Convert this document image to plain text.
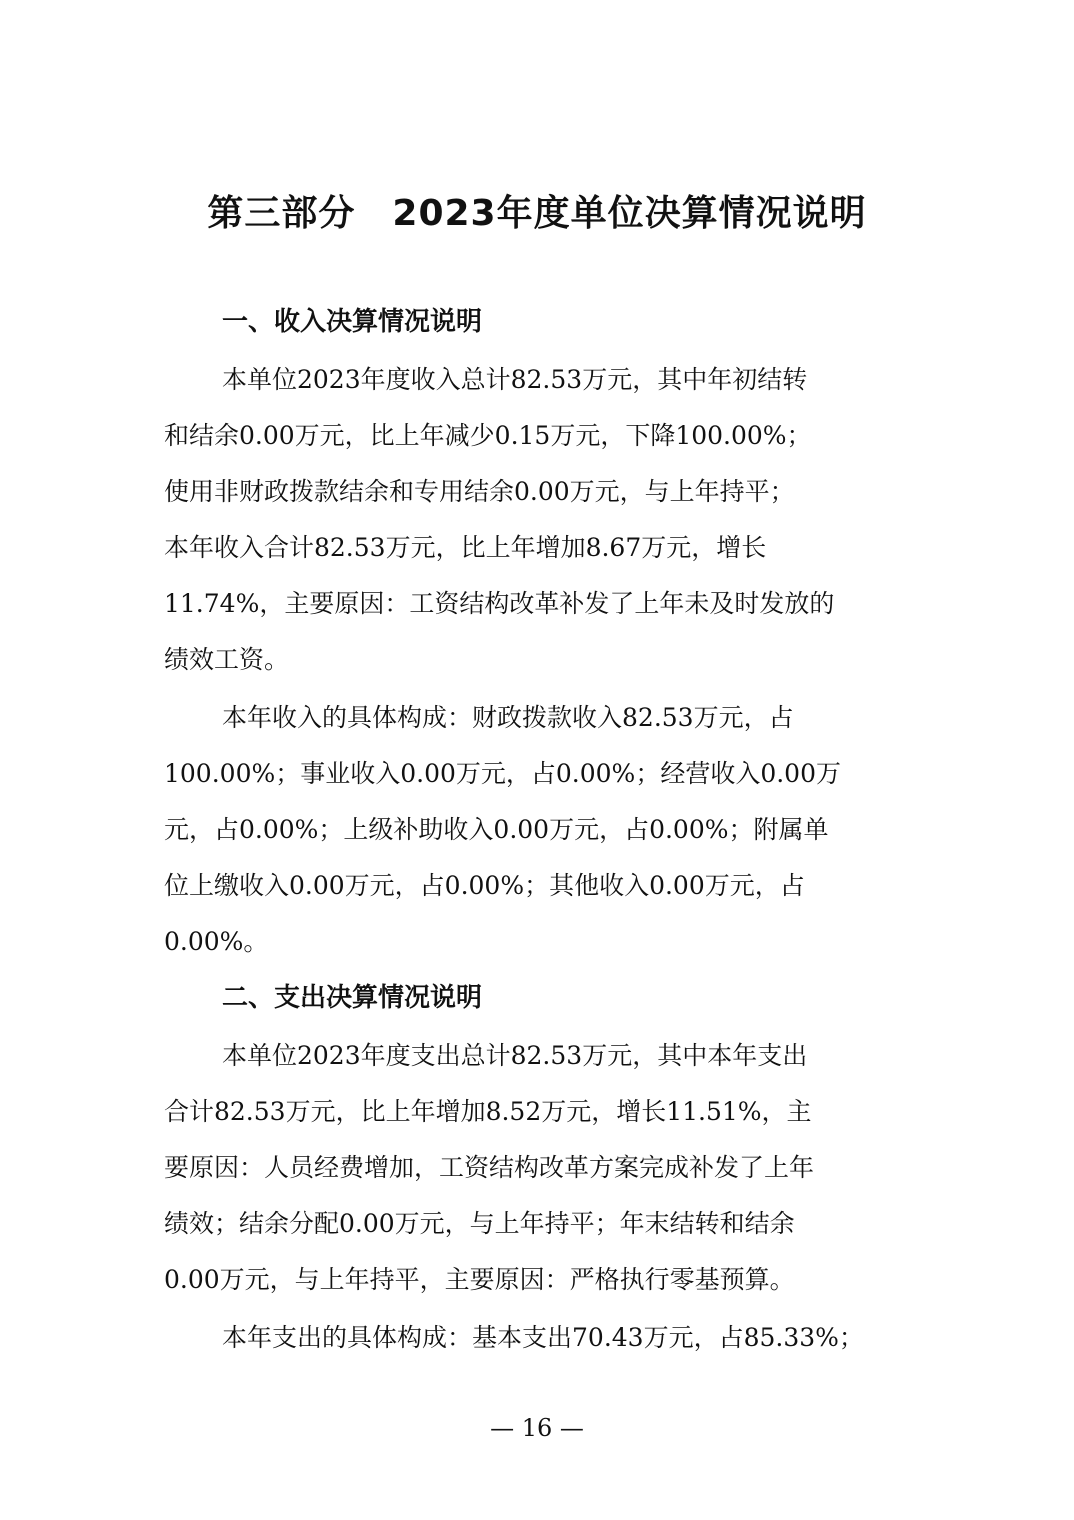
第三部分　2023年度单位决算情况说明
一、收入决算情况说明
本单位2023年度收入总计82.53万元，其中年初结转
和结余0.00万元，比上年减少0.15万元，下降100.00%；
使用非财政拨款结余和专用结余0.00万元，与上年持平；
本年收入合计82.53万元，比上年增加8.67万元，增长
11.74%，主要原因：工资结构改革补发了上年未及时发放的
绩效工资。
本年收入的具体构成：财政拨款收入82.53万元，占
100.00%；事业收入0.00万元，占0.00%；经营收入0.00万
元，占0.00%；上级补助收入0.00万元，占0.00%；附属单
位上缴收入0.00万元，占0.00%；其他收入0.00万元，占
0.00%。
二、支出决算情况说明
本单位2023年度支出总计82.53万元，其中本年支出
合计82.53万元，比上年增加8.52万元，增长11.51%，主
要原因：人员经费增加，工资结构改革方案完成补发了上年
绩效；结余分配0.00万元，与上年持平；年末结转和结余
0.00万元，与上年持平，主要原因：严格执行零基预算。
本年支出的具体构成：基本支出70.43万元，占85.33%；
— 16 —
